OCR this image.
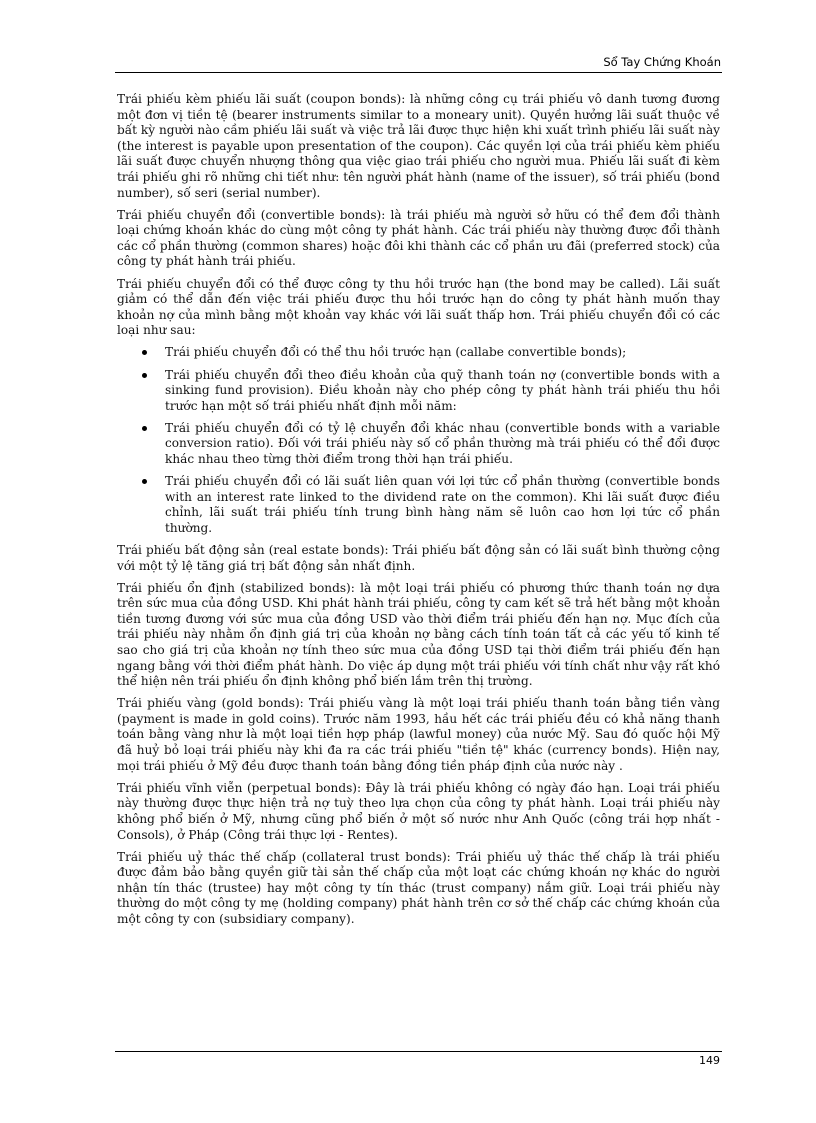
Sổ Tay Chứng Khoán

Trái phiếu kèm phiếu lãi suất (coupon bonds): là những công cụ trái phiếu vô danh tương đương một đơn vị tiền tệ (bearer instruments similar to a moneary unit). Quyền hưởng lãi suất thuộc về bất kỳ người nào cầm phiếu lãi suất và việc trả lãi được thực hiện khi xuất trình phiếu lãi suất này (the interest is payable upon presentation of the coupon). Các quyền lợi của trái phiếu kèm phiếu lãi suất được chuyển nhượng thông qua việc giao trái phiếu cho người mua. Phiếu lãi suất đi kèm trái phiếu ghi rõ những chi tiết như: tên người phát hành (name of the issuer), số trái phiếu (bond number), số seri (serial number).

Trái phiếu chuyển đổi (convertible bonds): là trái phiếu mà người sở hữu có thể đem đổi thành loại chứng khoán khác do cùng một công ty phát hành. Các trái phiếu này thường được đổi thành các cổ phần thường (common shares) hoặc đôi khi thành các cổ phần ưu đãi (preferred stock) của công ty phát hành trái phiếu.

Trái phiếu chuyển đổi có thể được công ty thu hồi trước hạn (the bond may be called). Lãi suất giảm có thể dẫn đến việc trái phiếu được thu hồi trước hạn do công ty phát hành muốn thay khoản nợ của mình bằng một khoản vay khác với lãi suất thấp hơn. Trái phiếu chuyển đổi có các loại như sau:

Trái phiếu chuyển đổi có thể thu hồi trước hạn (callabe convertible bonds);
Trái phiếu chuyển đổi theo điều khoản của quỹ thanh toán nợ (convertible bonds with a sinking fund provision). Điều khoản này cho phép công ty phát hành trái phiếu thu hồi trước hạn một số trái phiếu nhất định mỗi năm:
Trái phiếu chuyển đổi có tỷ lệ chuyển đổi khác nhau (convertible bonds with a variable conversion ratio). Đối với trái phiếu này số cổ phần thường mà trái phiếu có thể đổi được khác nhau theo từng thời điểm trong thời hạn trái phiếu.
Trái phiếu chuyển đổi có lãi suất liên quan với lợi tức cổ phần thường (convertible bonds with an interest rate linked to the dividend rate on the common). Khi lãi suất được điều chỉnh, lãi suất trái phiếu tính trung bình hàng năm sẽ luôn cao hơn lợi tức cổ phần thường.

Trái phiếu bất động sản (real estate bonds): Trái phiếu bất động sản có lãi suất bình thường cộng với một tỷ lệ tăng giá trị bất động sản nhất định.

Trái phiếu ổn định (stabilized bonds): là một loại trái phiếu có phương thức thanh toán nợ dựa trên sức mua của đồng USD. Khi phát hành trái phiếu, công ty cam kết sẽ trả hết bằng một khoản tiền tương đương với sức mua của đồng USD vào thời điểm trái phiếu đến hạn nợ. Mục đích của trái phiếu này nhằm ổn định giá trị của khoản nợ bằng cách tính toán tất cả các yếu tố kinh tế sao cho giá trị của khoản nợ tính theo sức mua của đồng USD tại thời điểm trái phiếu đến hạn ngang bằng với thời điểm phát hành. Do việc áp dụng một trái phiếu với tính chất như vậy rất khó thể hiện nên trái phiếu ổn định không phổ biến lắm trên thị trường.

Trái phiếu vàng (gold bonds): Trái phiếu vàng là một loại trái phiếu thanh toán bằng tiền vàng (payment is made in gold coins). Trước năm 1993, hầu hết các trái phiếu đều có khả năng thanh toán bằng vàng như là một loại tiền hợp pháp (lawful money) của nước Mỹ. Sau đó quốc hội Mỹ đã huỷ bỏ loại trái phiếu này khi đa ra các trái phiếu "tiền tệ" khác (currency bonds). Hiện nay, mọi trái phiếu ở Mỹ đều được thanh toán bằng đồng tiền pháp định của nước này .

Trái phiếu vĩnh viễn (perpetual bonds): Đây là trái phiếu không có ngày đáo hạn. Loại trái phiếu này thường được thực hiện trả nợ tuỳ theo lựa chọn của công ty phát hành. Loại trái phiếu này không phổ biến ở Mỹ, nhưng cũng phổ biến ở một số nước như Anh Quốc (công trái hợp nhất - Consols), ở Pháp (Công trái thực lợi - Rentes).

Trái phiếu uỷ thác thế chấp (collateral trust bonds): Trái phiếu uỷ thác thế chấp là trái phiếu được đảm bảo bằng quyền giữ tài sản thế chấp của một loạt các chứng khoán nợ khác do người nhận tín thác (trustee) hay một công ty tín thác (trust company) nắm giữ. Loại trái phiếu này thường do một công ty mẹ (holding company) phát hành trên cơ sở thế chấp các chứng khoán của một công ty con (subsidiary company).

149
